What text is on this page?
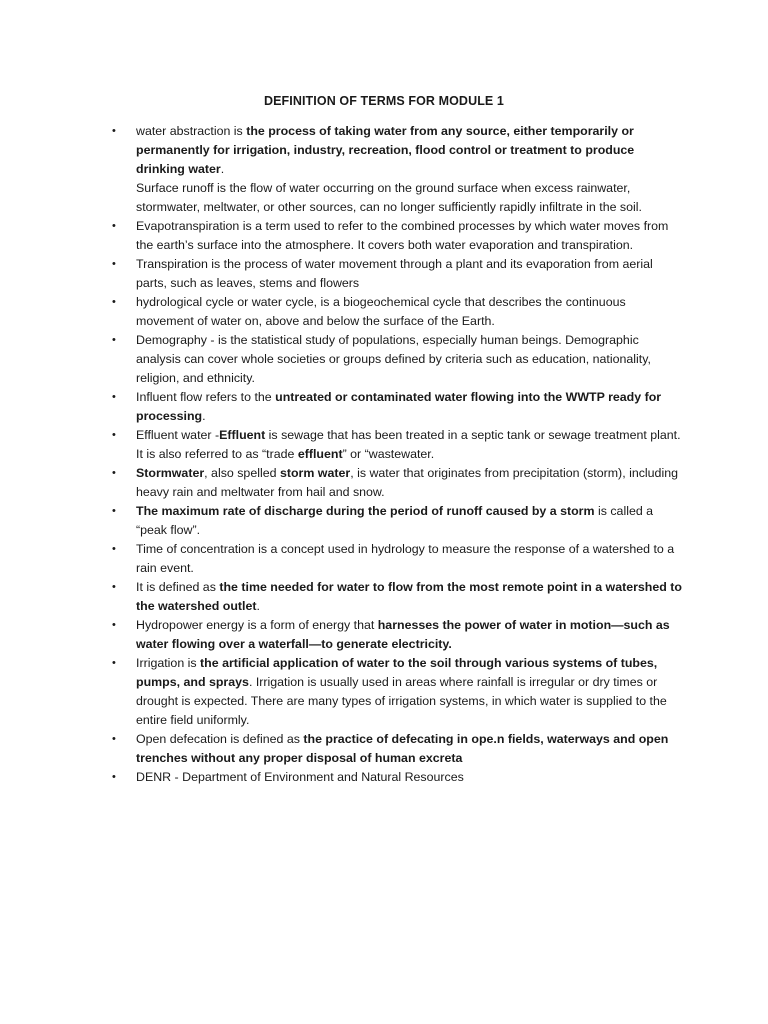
DEFINITION OF TERMS FOR MODULE 1
•	water abstraction is the process of taking water from any source, either temporarily or permanently for irrigation, industry, recreation, flood control or treatment to produce drinking water.
Surface runoff is the flow of water occurring on the ground surface when excess rainwater, stormwater, meltwater, or other sources, can no longer sufficiently rapidly infiltrate in the soil.
•	Evapotranspiration is a term used to refer to the combined processes by which water moves from the earth’s surface into the atmosphere. It covers both water evaporation and transpiration.
•	Transpiration is the process of water movement through a plant and its evaporation from aerial parts, such as leaves, stems and flowers
•	hydrological cycle or water cycle, is a biogeochemical cycle that describes the continuous movement of water on, above and below the surface of the Earth.
•	Demography - is the statistical study of populations, especially human beings. Demographic analysis can cover whole societies or groups defined by criteria such as education, nationality, religion, and ethnicity.
•	Influent flow refers to the untreated or contaminated water flowing into the WWTP ready for processing.
•	Effluent water -Effluent is sewage that has been treated in a septic tank or sewage treatment plant. It is also referred to as “trade effluent” or “wastewater.
•	Stormwater, also spelled storm water, is water that originates from precipitation (storm), including heavy rain and meltwater from hail and snow.
•	The maximum rate of discharge during the period of runoff caused by a storm is called a “peak flow”.
•	Time of concentration is a concept used in hydrology to measure the response of a watershed to a rain event.
•	It is defined as the time needed for water to flow from the most remote point in a watershed to the watershed outlet.
•	Hydropower energy is a form of energy that harnesses the power of water in motion—such as water flowing over a waterfall—to generate electricity.
•	Irrigation is the artificial application of water to the soil through various systems of tubes, pumps, and sprays. Irrigation is usually used in areas where rainfall is irregular or dry times or drought is expected. There are many types of irrigation systems, in which water is supplied to the entire field uniformly.
•	Open defecation is defined as the practice of defecating in ope.n fields, waterways and open trenches without any proper disposal of human excreta
•	DENR - Department of Environment and Natural Resources
